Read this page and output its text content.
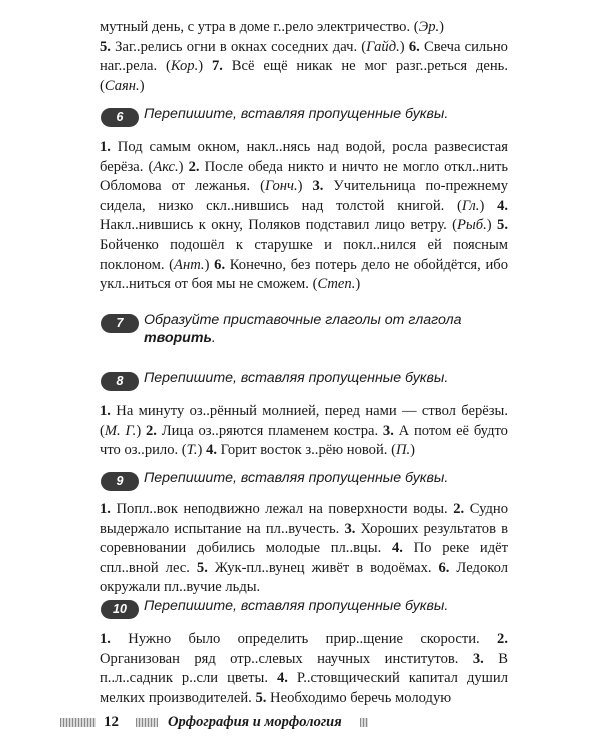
мутный день, с утра в доме г..рело электричество. (Эр.)
5. Заг..релись огни в окнах соседних дач. (Гайд.) 6. Свеча сильно наг..рела. (Кор.) 7. Всё ещё никак не мог разг..реться день. (Саян.)

6	Перепишите, вставляя пропущенные буквы.

1. Под самым окном, накл..нясь над водой, росла развесистая берёза. (Акс.) 2. После обеда никто и ничто не могло откл..нить Обломова от лежанья. (Гонч.) 3. Учительница по-прежнему сидела, низко скл..нившись над толстой книгой. (Гл.) 4. Накл..нившись к окну, Поляков подставил лицо ветру. (Рыб.) 5. Бойченко подошёл к старушке и покл..нился ей поясным поклоном. (Ант.) 6. Конечно, без потерь дело не обойдётся, ибо укл..ниться от боя мы не сможем. (Степ.)

7	Образуйте приставочные глаголы от глагола творить.
8	Перепишите, вставляя пропущенные буквы.

1. На минуту оз..рённый молнией, перед нами — ствол берёзы. (М. Г.) 2. Лица оз..ряются пламенем костра. 3. А потом её будто что оз..рило. (Т.) 4. Горит восток з..рёю новой. (П.)

9	Перепишите, вставляя пропущенные буквы.

1. Попл..вок неподвижно лежал на поверхности воды. 2. Судно выдержало испытание на пл..вучесть. 3. Хороших результатов в соревновании добились молодые пл..вцы. 4. По реке идёт спл..вной лес. 5. Жук-пл..вунец живёт в водоёмах. 6. Ледокол окружали пл..вучие льды.

10	Перепишите, вставляя пропущенные буквы.

1. Нужно было определить прир..щение скорости. 2. Организован ряд отр..слевых научных институтов. 3. В п..л..садник р..сли цветы. 4. Р..стовщический капитал душил мелких производителей. 5. Необходимо беречь молодую

12	Орфография и морфология
